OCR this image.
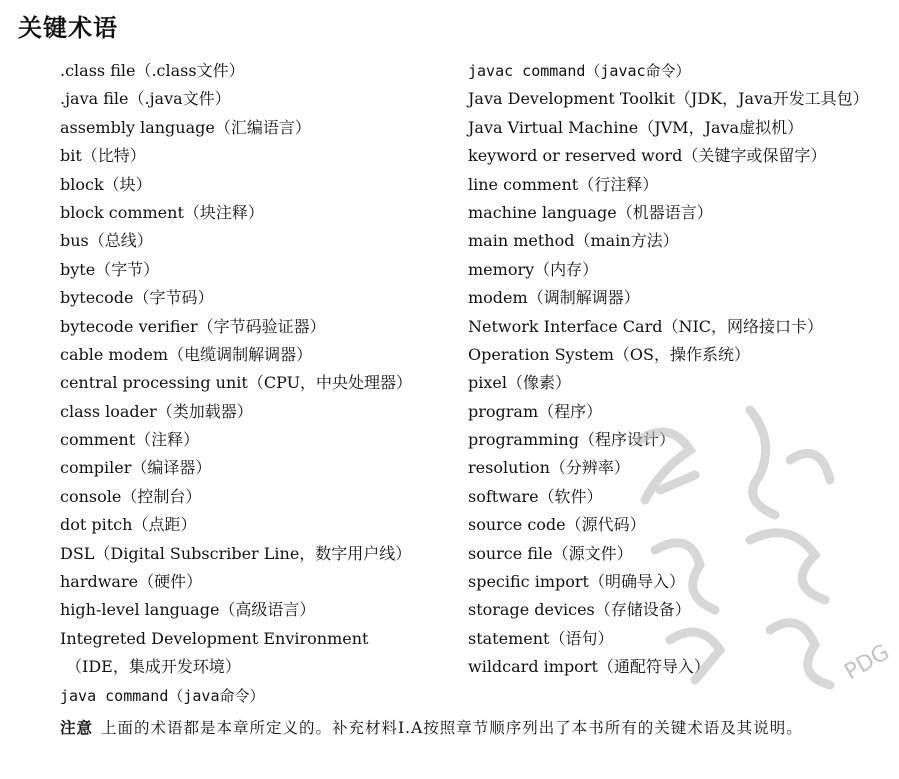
关键术语
.class file（.class文件）
.java file（.java文件）
assembly language（汇编语言）
bit（比特）
block（块）
block comment（块注释）
bus（总线）
byte（字节）
bytecode（字节码）
bytecode verifier（字节码验证器）
cable modem（电缆调制解调器）
central processing unit（CPU，中央处理器）
class loader（类加载器）
comment（注释）
compiler（编译器）
console（控制台）
dot pitch（点距）
DSL（Digital Subscriber Line，数字用户线）
hardware（硬件）
high-level language（高级语言）
Integreted Development Environment
（IDE，集成开发环境）
java command（java命令）
javac command（javac命令）
Java Development Toolkit（JDK，Java开发工具包）
Java Virtual Machine（JVM，Java虚拟机）
keyword or reserved word（关键字或保留字）
line comment（行注释）
machine language（机器语言）
main method（main方法）
memory（内存）
modem（调制解调器）
Network Interface Card（NIC，网络接口卡）
Operation System（OS，操作系统）
pixel（像素）
program（程序）
programming（程序设计）
resolution（分辨率）
software（软件）
source code（源代码）
source file（源文件）
specific import（明确导入）
storage devices（存储设备）
statement（语句）
wildcard import（通配符导入）
注意 上面的术语都是本章所定义的。补充材料I.A按照章节顺序列出了本书所有的关键术语及其说明。
PDG
